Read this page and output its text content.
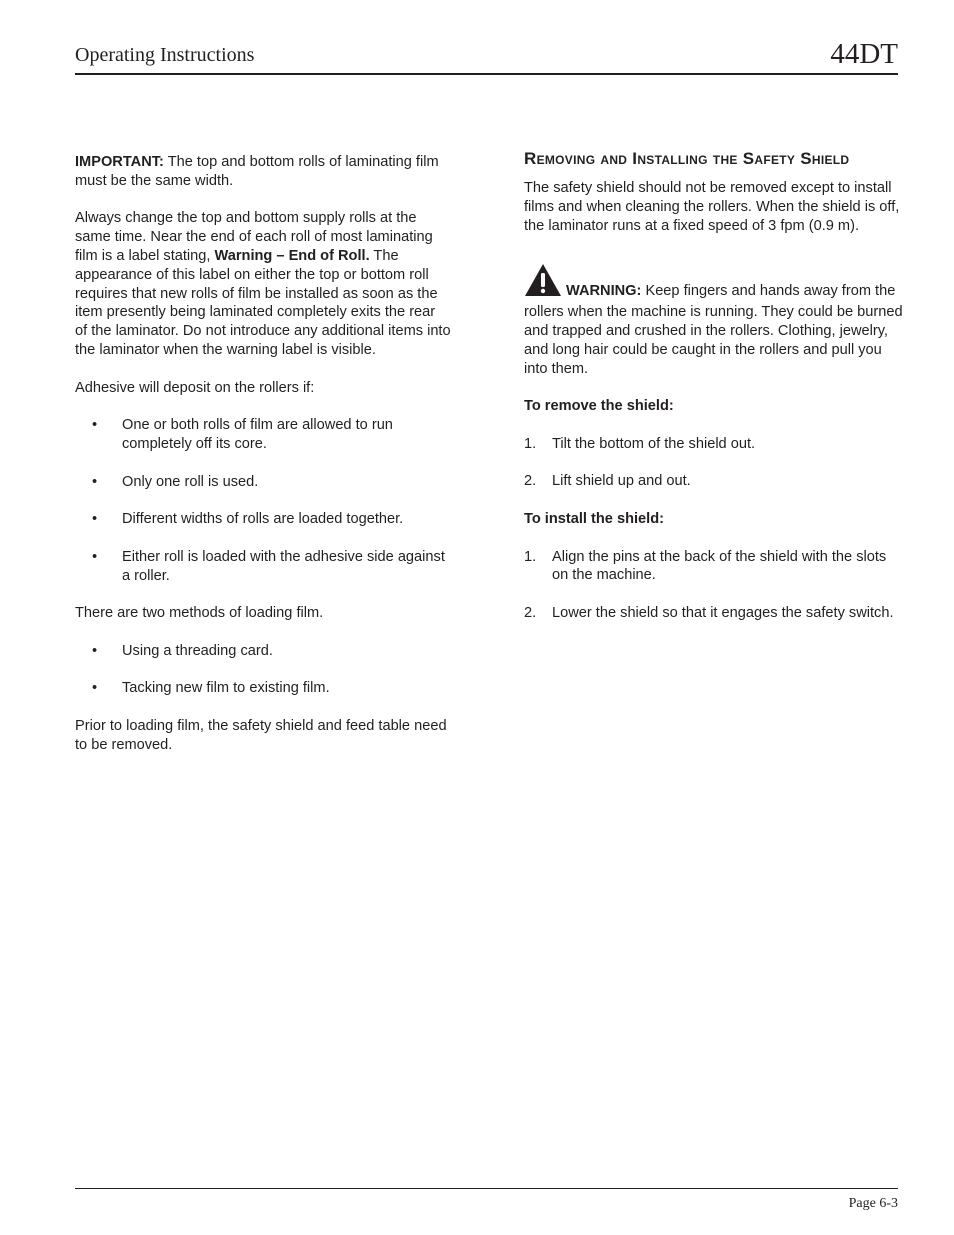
Operating Instructions	44DT

IMPORTANT: The top and bottom rolls of laminating film must be the same width.

Always change the top and bottom supply rolls at the same time. Near the end of each roll of most laminating film is a label stating, Warning – End of Roll. The appearance of this label on either the top or bottom roll requires that new rolls of film be installed as soon as the item presently being laminated completely exits the rear of the laminator. Do not introduce any additional items into the laminator when the warning label is visible.

Adhesive will deposit on the rollers if:

• One or both rolls of film are allowed to run completely off its core.
• Only one roll is used.
• Different widths of rolls are loaded together.
• Either roll is loaded with the adhesive side against a roller.

There are two methods of loading film.

• Using a threading card.
• Tacking new film to existing film.

Prior to loading film, the safety shield and feed table need to be removed.

Removing and Installing the Safety Shield

The safety shield should not be removed except to install films and when cleaning the rollers. When the shield is off, the laminator runs at a fixed speed of 3 fpm (0.9 m).

WARNING: Keep fingers and hands away from the rollers when the machine is running. They could be burned and trapped and crushed in the rollers. Clothing, jewelry, and long hair could be caught in the rollers and pull you into them.

To remove the shield:
1. Tilt the bottom of the shield out.
2. Lift shield up and out.
To install the shield:
1. Align the pins at the back of the shield with the slots on the machine.
2. Lower the shield so that it engages the safety switch.
Page 6-3
